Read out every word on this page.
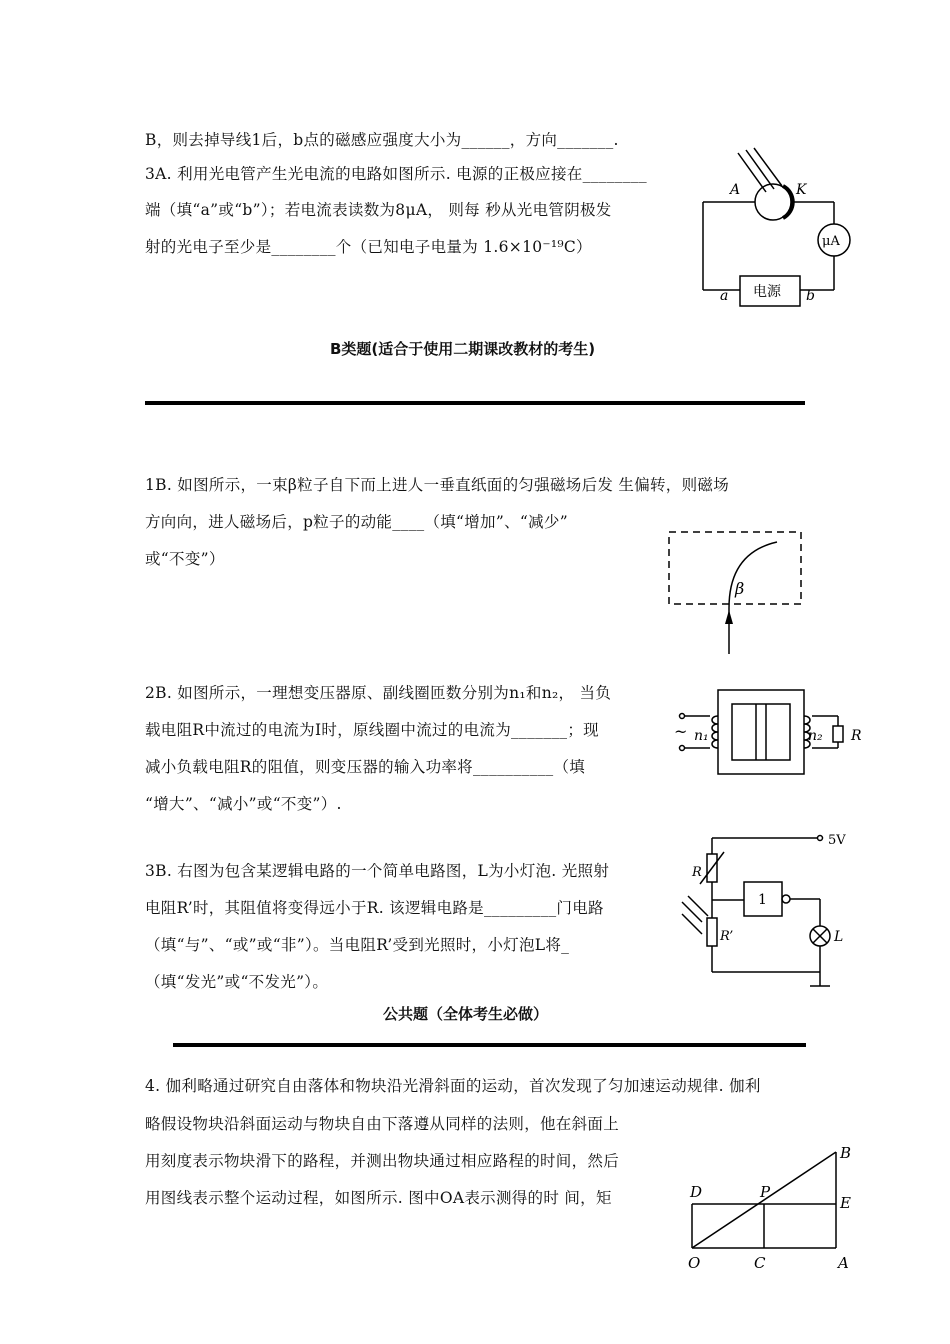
B，则去掉导线1后，b点的磁感应强度大小为______，方向_______.
3A. 利用光电管产生光电流的电路如图所示. 电源的正极应接在________
端（填“a”或“b”）；若电流表读数为8μA， 则每 秒从光电管阴极发
射的光电子至少是________个（已知电子电量为 1.6×10⁻¹⁹C）
A	K
a	b
μA
电源
B类题(适合于使用二期课改教材的考生)
1B. 如图所示，一束β粒子自下而上进人一垂直纸面的匀强磁场后发 生偏转，则磁场
方向向，进人磁场后，p粒子的动能____（填“增加”、“减少”
或“不变”）
β
2B. 如图所示，一理想变压器原、副线圈匝数分别为n₁和n₂， 当负
载电阻R中流过的电流为I时，原线圈中流过的电流为_______；现
减小负载电阻R的阻值，则变压器的输入功率将__________（填
“增大”、“减小”或“不变”）.
~ n₁	n₂ R
3B. 右图为包含某逻辑电路的一个简单电路图，L为小灯泡. 光照射
电阻R’时，其阻值将变得远小于R. 该逻辑电路是_________门电路
（填“与”、“或”或“非”）。当电阻R’受到光照时，小灯泡L将_
（填“发光”或“不发光”）。
5V
R
R’
1
L
公共题（全体考生必做）
4. 伽利略通过研究自由落体和物块沿光滑斜面的运动，首次发现了匀加速运动规律. 伽利
略假设物块沿斜面运动与物块自由下落遵从同样的法则，他在斜面上
用刻度表示物块滑下的路程，并测出物块通过相应路程的时间，然后
用图线表示整个运动过程，如图所示. 图中OA表示测得的时 间，矩
B
D	P
E
O	C	A
